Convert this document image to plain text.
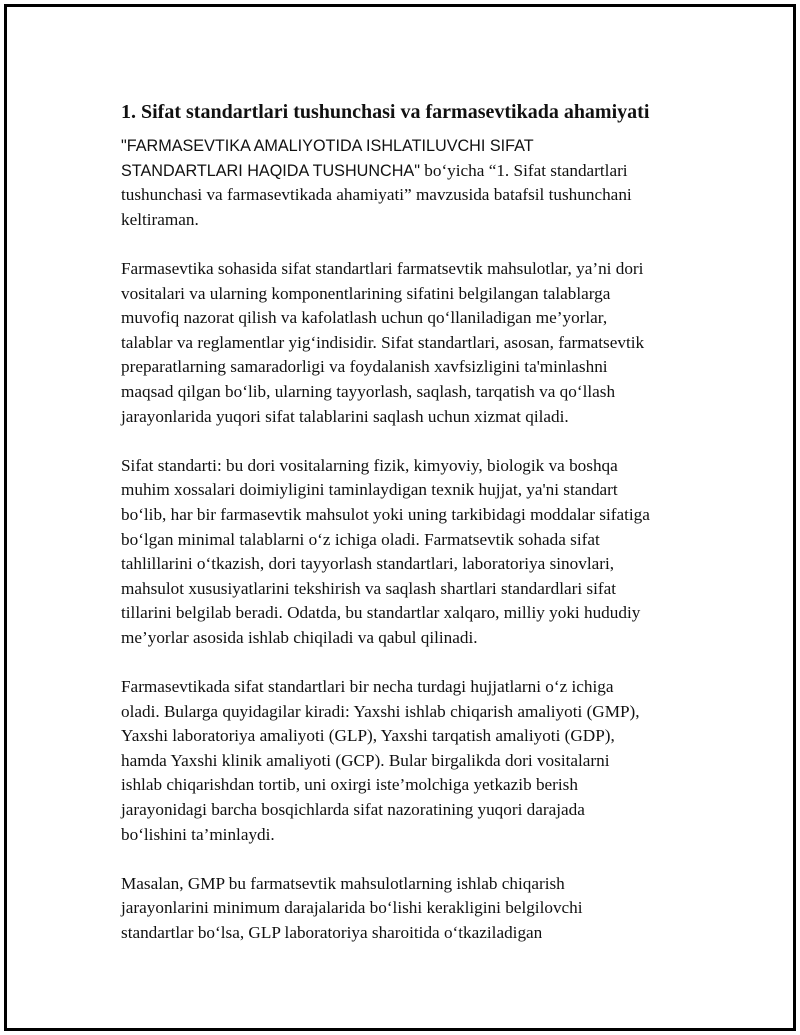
1. Sifat standartlari tushunchasi va farmasevtikada ahamiyati

"FARMASEVTIKA AMALIYOTIDA ISHLATILUVCHI SIFAT
STANDARTLARI HAQIDA TUSHUNCHA" bo‘yicha “1. Sifat standartlari
tushunchasi va farmasevtikada ahamiyati” mavzusida batafsil tushunchani
keltiraman.

Farmasevtika sohasida sifat standartlari farmatsevtik mahsulotlar, ya’ni dori
vositalari va ularning komponentlarining sifatini belgilangan talablarga
muvofiq nazorat qilish va kafolatlash uchun qo‘llaniladigan me’yorlar,
talablar va reglamentlar yig‘indisidir. Sifat standartlari, asosan, farmatsevtik
preparatlarning samaradorligi va foydalanish xavfsizligini ta'minlashni
maqsad qilgan bo‘lib, ularning tayyorlash, saqlash, tarqatish va qo‘llash
jarayonlarida yuqori sifat talablarini saqlash uchun xizmat qiladi.

Sifat standarti: bu dori vositalarning fizik, kimyoviy, biologik va boshqa
muhim xossalari doimiyligini taminlaydigan texnik hujjat, ya'ni standart
bo‘lib, har bir farmasevtik mahsulot yoki uning tarkibidagi moddalar sifatiga
bo‘lgan minimal talablarni o‘z ichiga oladi. Farmatsevtik sohada sifat
tahlillarini o‘tkazish, dori tayyorlash standartlari, laboratoriya sinovlari,
mahsulot xususiyatlarini tekshirish va saqlash shartlari standardlari sifat
tillarini belgilab beradi. Odatda, bu standartlar xalqaro, milliy yoki hududiy
me’yorlar asosida ishlab chiqiladi va qabul qilinadi.

Farmasevtikada sifat standartlari bir necha turdagi hujjatlarni o‘z ichiga
oladi. Bularga quyidagilar kiradi: Yaxshi ishlab chiqarish amaliyoti (GMP),
Yaxshi laboratoriya amaliyoti (GLP), Yaxshi tarqatish amaliyoti (GDP),
hamda Yaxshi klinik amaliyoti (GCP). Bular birgalikda dori vositalarni
ishlab chiqarishdan tortib, uni oxirgi iste’molchiga yetkazib berish
jarayonidagi barcha bosqichlarda sifat nazoratining yuqori darajada
bo‘lishini ta’minlaydi.

Masalan, GMP bu farmatsevtik mahsulotlarning ishlab chiqarish
jarayonlarini minimum darajalarida bo‘lishi kerakligini belgilovchi
standartlar bo‘lsa, GLP laboratoriya sharoitida o‘tkaziladigan
